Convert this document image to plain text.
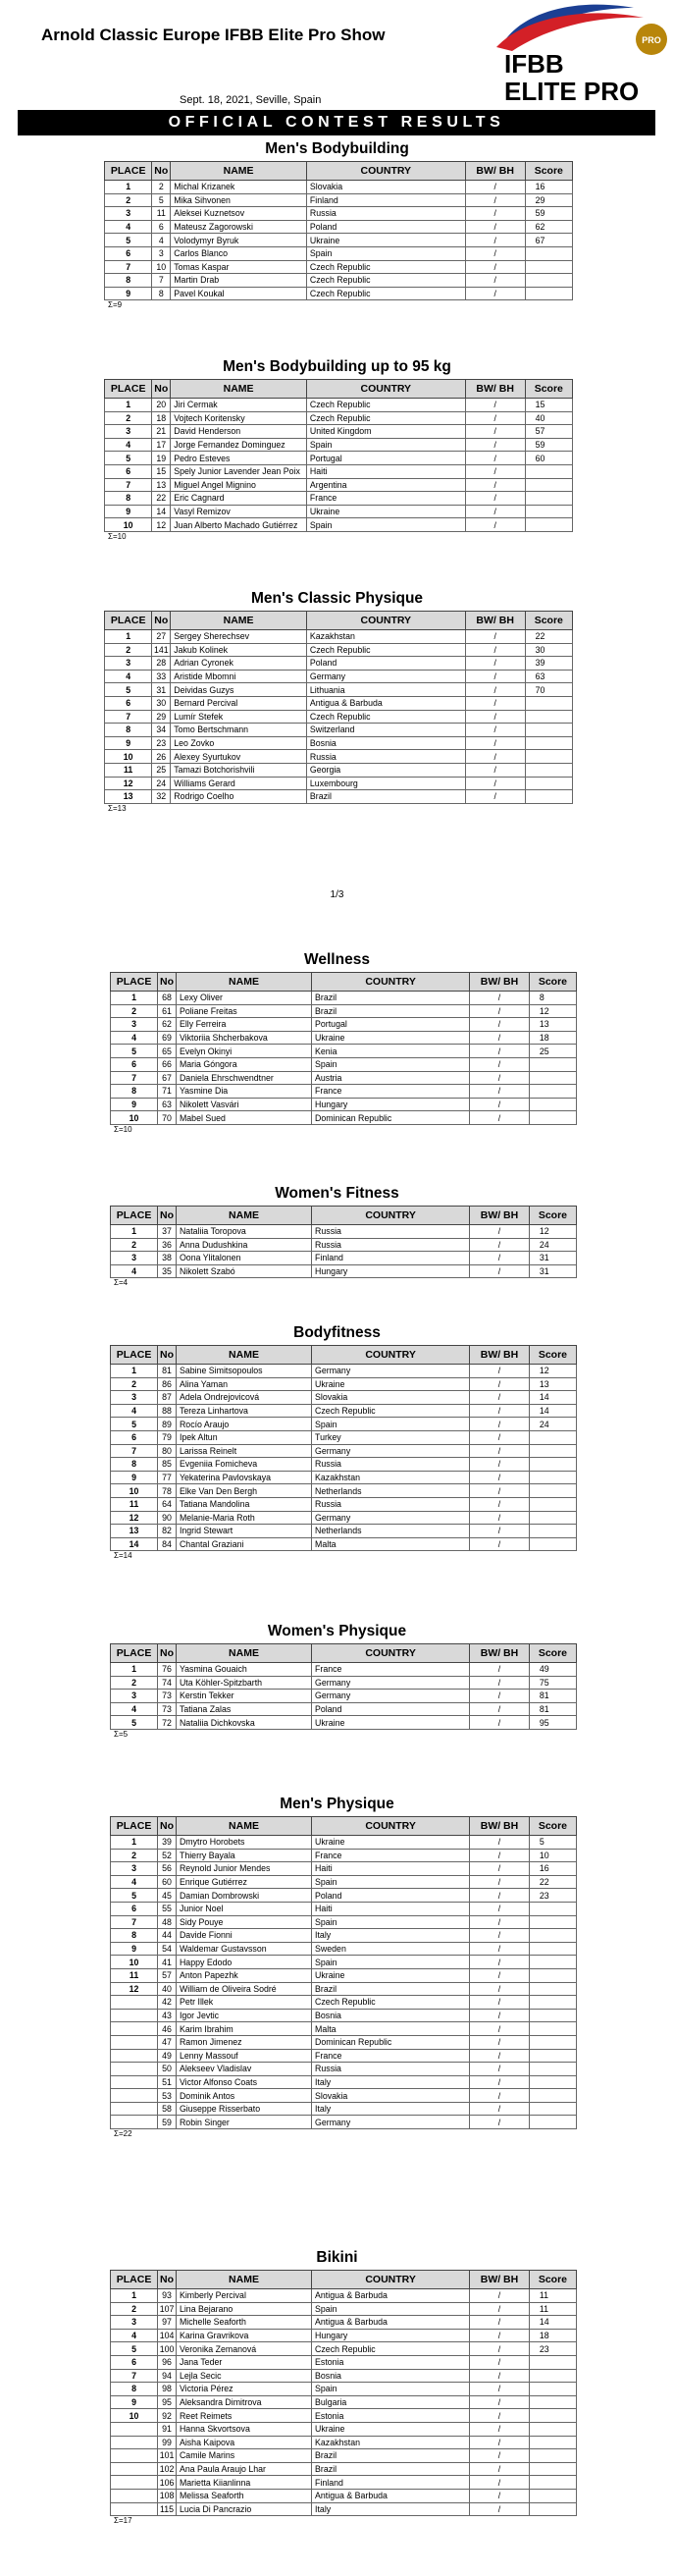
Arnold Classic Europe IFBB Elite Pro Show
Sept. 18, 2021, Seville, Spain
PRO
IFBB
ELITE PRO
OFFICIAL CONTEST RESULTS
Men's Bodybuilding
PLACE	No	NAME	COUNTRY	BW/ BH	Score
1	2	Michal Krizanek	Slovakia	/	16
2	5	Mika Sihvonen	Finland	/	29
3	11	Aleksei Kuznetsov	Russia	/	59
4	6	Mateusz Zagorowski	Poland	/	62
5	4	Volodymyr Byruk	Ukraine	/	67
6	3	Carlos Blanco	Spain	/	
7	10	Tomas Kaspar	Czech Republic	/	
8	7	Martin Drab	Czech Republic	/	
9	8	Pavel Koukal	Czech Republic	/	
Σ=9
Men's Bodybuilding up to 95 kg
PLACE	No	NAME	COUNTRY	BW/ BH	Score
1	20	Jiri Cermak	Czech Republic	/	15
2	18	Vojtech Koritensky	Czech Republic	/	40
3	21	David Henderson	United Kingdom	/	57
4	17	Jorge Fernandez Dominguez	Spain	/	59
5	19	Pedro Esteves	Portugal	/	60
6	15	Spely Junior Lavender Jean Poix	Haiti	/	
7	13	Miguel Angel Mignino	Argentina	/	
8	22	Eric Cagnard	France	/	
9	14	Vasyl Remizov	Ukraine	/	
10	12	Juan Alberto Machado Gutiérrez	Spain	/	
Σ=10
Men's Classic Physique
PLACE	No	NAME	COUNTRY	BW/ BH	Score
1	27	Sergey Sherechsev	Kazakhstan	/	22
2	141	Jakub Kolinek	Czech Republic	/	30
3	28	Adrian Cyronek	Poland	/	39
4	33	Aristide Mbomni	Germany	/	63
5	31	Deividas Guzys	Lithuania	/	70
6	30	Bernard Percival	Antigua & Barbuda	/	
7	29	Lumír Stefek	Czech Republic	/	
8	34	Tomo Bertschmann	Switzerland	/	
9	23	Leo Zovko	Bosnia	/	
10	26	Alexey Syurtukov	Russia	/	
11	25	Tamazi Botchorishvili	Georgia	/	
12	24	Williams Gerard	Luxembourg	/	
13	32	Rodrigo Coelho	Brazil	/	
Σ=13
Wellness
PLACE	No	NAME	COUNTRY	BW/ BH	Score
1	68	Lexy Oliver	Brazil	/	8
2	61	Poliane Freitas	Brazil	/	12
3	62	Elly Ferreira	Portugal	/	13
4	69	Viktoriia Shcherbakova	Ukraine	/	18
5	65	Evelyn Okinyi	Kenia	/	25
6	66	Maria Góngora	Spain	/	
7	67	Daniela Ehrschwendtner	Austria	/	
8	71	Yasmine Dia	France	/	
9	63	Nikolett Vasvári	Hungary	/	
10	70	Mabel Sued	Dominican Republic	/	
Σ=10
Women's Fitness
PLACE	No	NAME	COUNTRY	BW/ BH	Score
1	37	Nataliia Toropova	Russia	/	12
2	36	Anna Dudushkina	Russia	/	24
3	38	Oona Ylitalonen	Finland	/	31
4	35	Nikolett Szabó	Hungary	/	31
Σ=4
Bodyfitness
PLACE	No	NAME	COUNTRY	BW/ BH	Score
1	81	Sabine Simitsopoulos	Germany	/	12
2	86	Alina Yaman	Ukraine	/	13
3	87	Adela Ondrejovicová	Slovakia	/	14
4	88	Tereza Linhartova	Czech Republic	/	14
5	89	Rocío Araujo	Spain	/	24
6	79	Ipek Altun	Turkey	/	
7	80	Larissa Reinelt	Germany	/	
8	85	Evgeniia Fomicheva	Russia	/	
9	77	Yekaterina Pavlovskaya	Kazakhstan	/	
10	78	Elke Van Den Bergh	Netherlands	/	
11	64	Tatiana Mandolina	Russia	/	
12	90	Melanie-Maria Roth	Germany	/	
13	82	Ingrid Stewart	Netherlands	/	
14	84	Chantal Graziani	Malta	/	
Σ=14
Women's Physique
PLACE	No	NAME	COUNTRY	BW/ BH	Score
1	76	Yasmina Gouaich	France	/	49
2	74	Uta Köhler-Spitzbarth	Germany	/	75
3	73	Kerstin Tekker	Germany	/	81
4	73	Tatiana Zalas	Poland	/	81
5	72	Nataliia Dichkovska	Ukraine	/	95
Σ=5
Men's Physique
PLACE	No	NAME	COUNTRY	BW/ BH	Score
1	39	Dmytro Horobets	Ukraine	/	5
2	52	Thierry Bayala	France	/	10
3	56	Reynold Junior Mendes	Haiti	/	16
4	60	Enrique Gutiérrez	Spain	/	22
5	45	Damian Dombrowski	Poland	/	23
6	55	Junior Noel	Haiti	/	
7	48	Sidy Pouye	Spain	/	
8	44	Davide Fionni	Italy	/	
9	54	Waldemar Gustavsson	Sweden	/	
10	41	Happy Edodo	Spain	/	
11	57	Anton Papezhk	Ukraine	/	
12	40	William de Oliveira Sodré	Brazil	/	
	42	Petr Illek	Czech Republic	/	
	43	Igor Jevtic	Bosnia	/	
	46	Karim Ibrahim	Malta	/	
	47	Ramon Jimenez	Dominican Republic	/	
	49	Lenny Massouf	France	/	
	50	Aleksеev Vladislav	Russia	/	
	51	Victor Alfonso Coats	Italy	/	
	53	Dominik Antos	Slovakia	/	
	58	Giuseppe Risserbato	Italy	/	
	59	Robin Singer	Germany	/	
Σ=22
Bikini
PLACE	No	NAME	COUNTRY	BW/ BH	Score
1	93	Kimberly Percival	Antigua & Barbuda	/	11
2	107	Lina Bejarano	Spain	/	11
3	97	Michelle Seaforth	Antigua & Barbuda	/	14
4	104	Karina Gravrikova	Hungary	/	18
5	100	Veronika Zemanová	Czech Republic	/	23
6	96	Jana Teder	Estonia	/	
7	94	Lejla Secic	Bosnia	/	
8	98	Victoria Pérez	Spain	/	
9	95	Aleksandra Dimitrova	Bulgaria	/	
10	92	Reet Reimets	Estonia	/	
	91	Hanna Skvortsova	Ukraine	/	
	99	Aisha Kaipova	Kazakhstan	/	
	101	Camile Marins	Brazil	/	
	102	Ana Paula Araujo Lhar	Brazil	/	
	106	Marietta Kiianlinna	Finland	/	
	108	Melissa Seaforth	Antigua & Barbuda	/	
	115	Lucia Di Pancrazio	Italy	/	
Σ=17
1/3
